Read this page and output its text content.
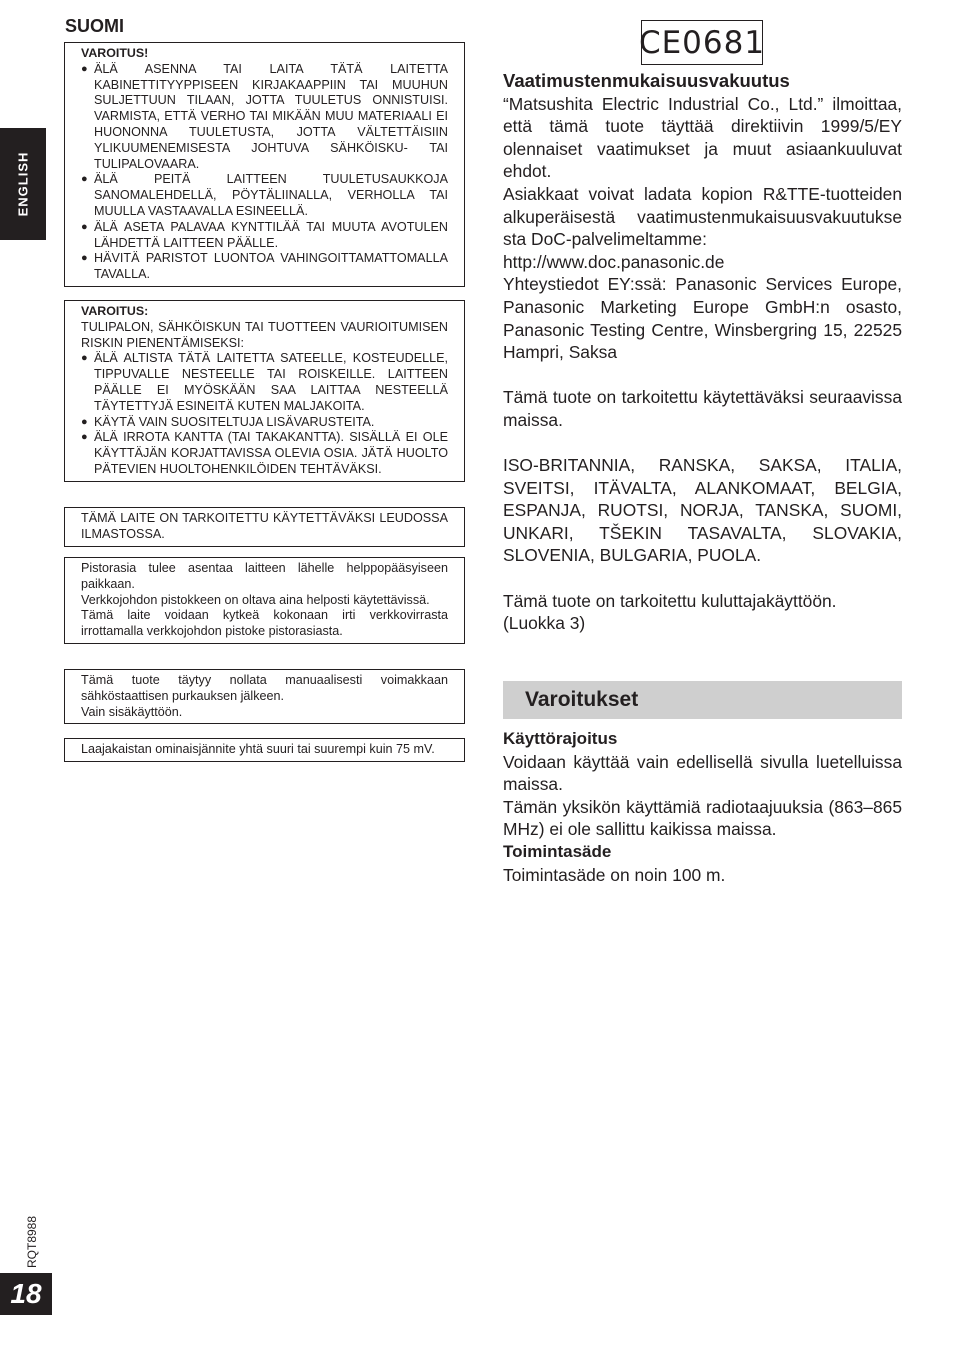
ENGLISH
SUOMI
VAROITUS!
● ÄLÄ ASENNA TAI LAITA TÄTÄ LAITETTA KABINETTITYYPPISEEN KIRJAKAAPPIIN TAI MUUHUN SULJETTUUN TILAAN, JOTTA TUULETUS ONNISTUISI. VARMISTA, ETTÄ VERHO TAI MIKÄÄN MUU MATERIAALI EI HUONONNA TUULETUSTA, JOTTA VÄLTETTÄISIIN YLIKUUMENEMISESTA JOHTUVA SÄHKÖISKU- TAI TULIPALOVAARA.
● ÄLÄ PEITÄ LAITTEEN TUULETUSAUKKOJA SANOMALEHDELLÄ, PÖYTÄLIINALLA, VERHOLLA TAI MUULLA VASTAAVALLA ESINEELLÄ.
● ÄLÄ ASETA PALAVAA KYNTTILÄÄ TAI MUUTA AVOTULEN LÄHDETTÄ LAITTEEN PÄÄLLE.
● HÄVITÄ PARISTOT LUONTOA VAHINGOITTAMATTOMALLA TAVALLA.
VAROITUS:

TULIPALON, SÄHKÖISKUN TAI TUOTTEEN VAURIOITUMISEN RISKIN PIENENTÄMISEKSI:

● ÄLÄ ALTISTA TÄTÄ LAITETTA SATEELLE, KOSTEUDELLE, TIPPUVALLE NESTEELLE TAI ROISKEILLE. LAITTEEN PÄÄLLE EI MYÖSKÄÄN SAA LAITTAA NESTEELLÄ TÄYTETTYJÄ ESINEITÄ KUTEN MALJAKOITA.
● KÄYTÄ VAIN SUOSITELTUJA LISÄVARUSTEITA.
● ÄLÄ IRROTA KANTTA (TAI TAKAKANTTA). SISÄLLÄ EI OLE KÄYTTÄJÄN KORJATTAVISSA OLEVIA OSIA. JÄTÄ HUOLTO PÄTEVIEN HUOLTOHENKILÖIDEN TEHTÄVÄKSI.

TÄMÄ LAITE ON TARKOITETTU KÄYTETTÄVÄKSI LEUDOSSA ILMASTOSSA.

Pistorasia tulee asentaa laitteen lähelle helppopääsyiseen paikkaan.

Verkkojohdon pistokkeen on oltava aina helposti käytettävissä.

Tämä laite voidaan kytkeä kokonaan irti verkkovirrasta irrottamalla verkkojohdon pistoke pistorasiasta.

Tämä tuote täytyy nollata manuaalisesti voimakkaan sähköstaattisen purkauksen jälkeen.

Vain sisäkäyttöön.

Laajakaistan ominaisjännite yhtä suuri tai suurempi kuin 75 mV.

CE0681

Vaatimustenmukaisuusvakuutus

“Matsushita Electric Industrial Co., Ltd.” ilmoittaa, että tämä tuote täyttää direktiivin 1999/5/EY olennaiset vaatimukset ja muut asiaankuuluvat ehdot.

Asiakkaat voivat ladata kopion R&TTE-tuotteiden alkuperäisestä vaatimustenmukaisuusvakuutukse sta DoC-palvelimeltamme:

http://www.doc.panasonic.de

Yhteystiedot EY:ssä: Panasonic Services Europe, Panasonic Marketing Europe GmbH:n osasto, Panasonic Testing Centre, Winsbergring 15, 22525 Hampri, Saksa

Tämä tuote on tarkoitettu käytettäväksi seuraavissa maissa.

ISO-BRITANNIA, RANSKA, SAKSA, ITALIA, SVEITSI, ITÄVALTA, ALANKOMAAT, BELGIA, ESPANJA, RUOTSI, NORJA, TANSKA, SUOMI, UNKARI, TŠEKIN TASAVALTA, SLOVAKIA, SLOVENIA, BULGARIA, PUOLA.

Tämä tuote on tarkoitettu kuluttajakäyttöön.

(Luokka 3)

Varoitukset

Käyttörajoitus

Voidaan käyttää vain edellisellä sivulla luetelluissa maissa.

Tämän yksikön käyttämiä radiotaajuuksia (863–865 MHz) ei ole sallittu kaikissa maissa.

Toimintasäde

Toimintasäde on noin 100 m.

RQT8988
18
